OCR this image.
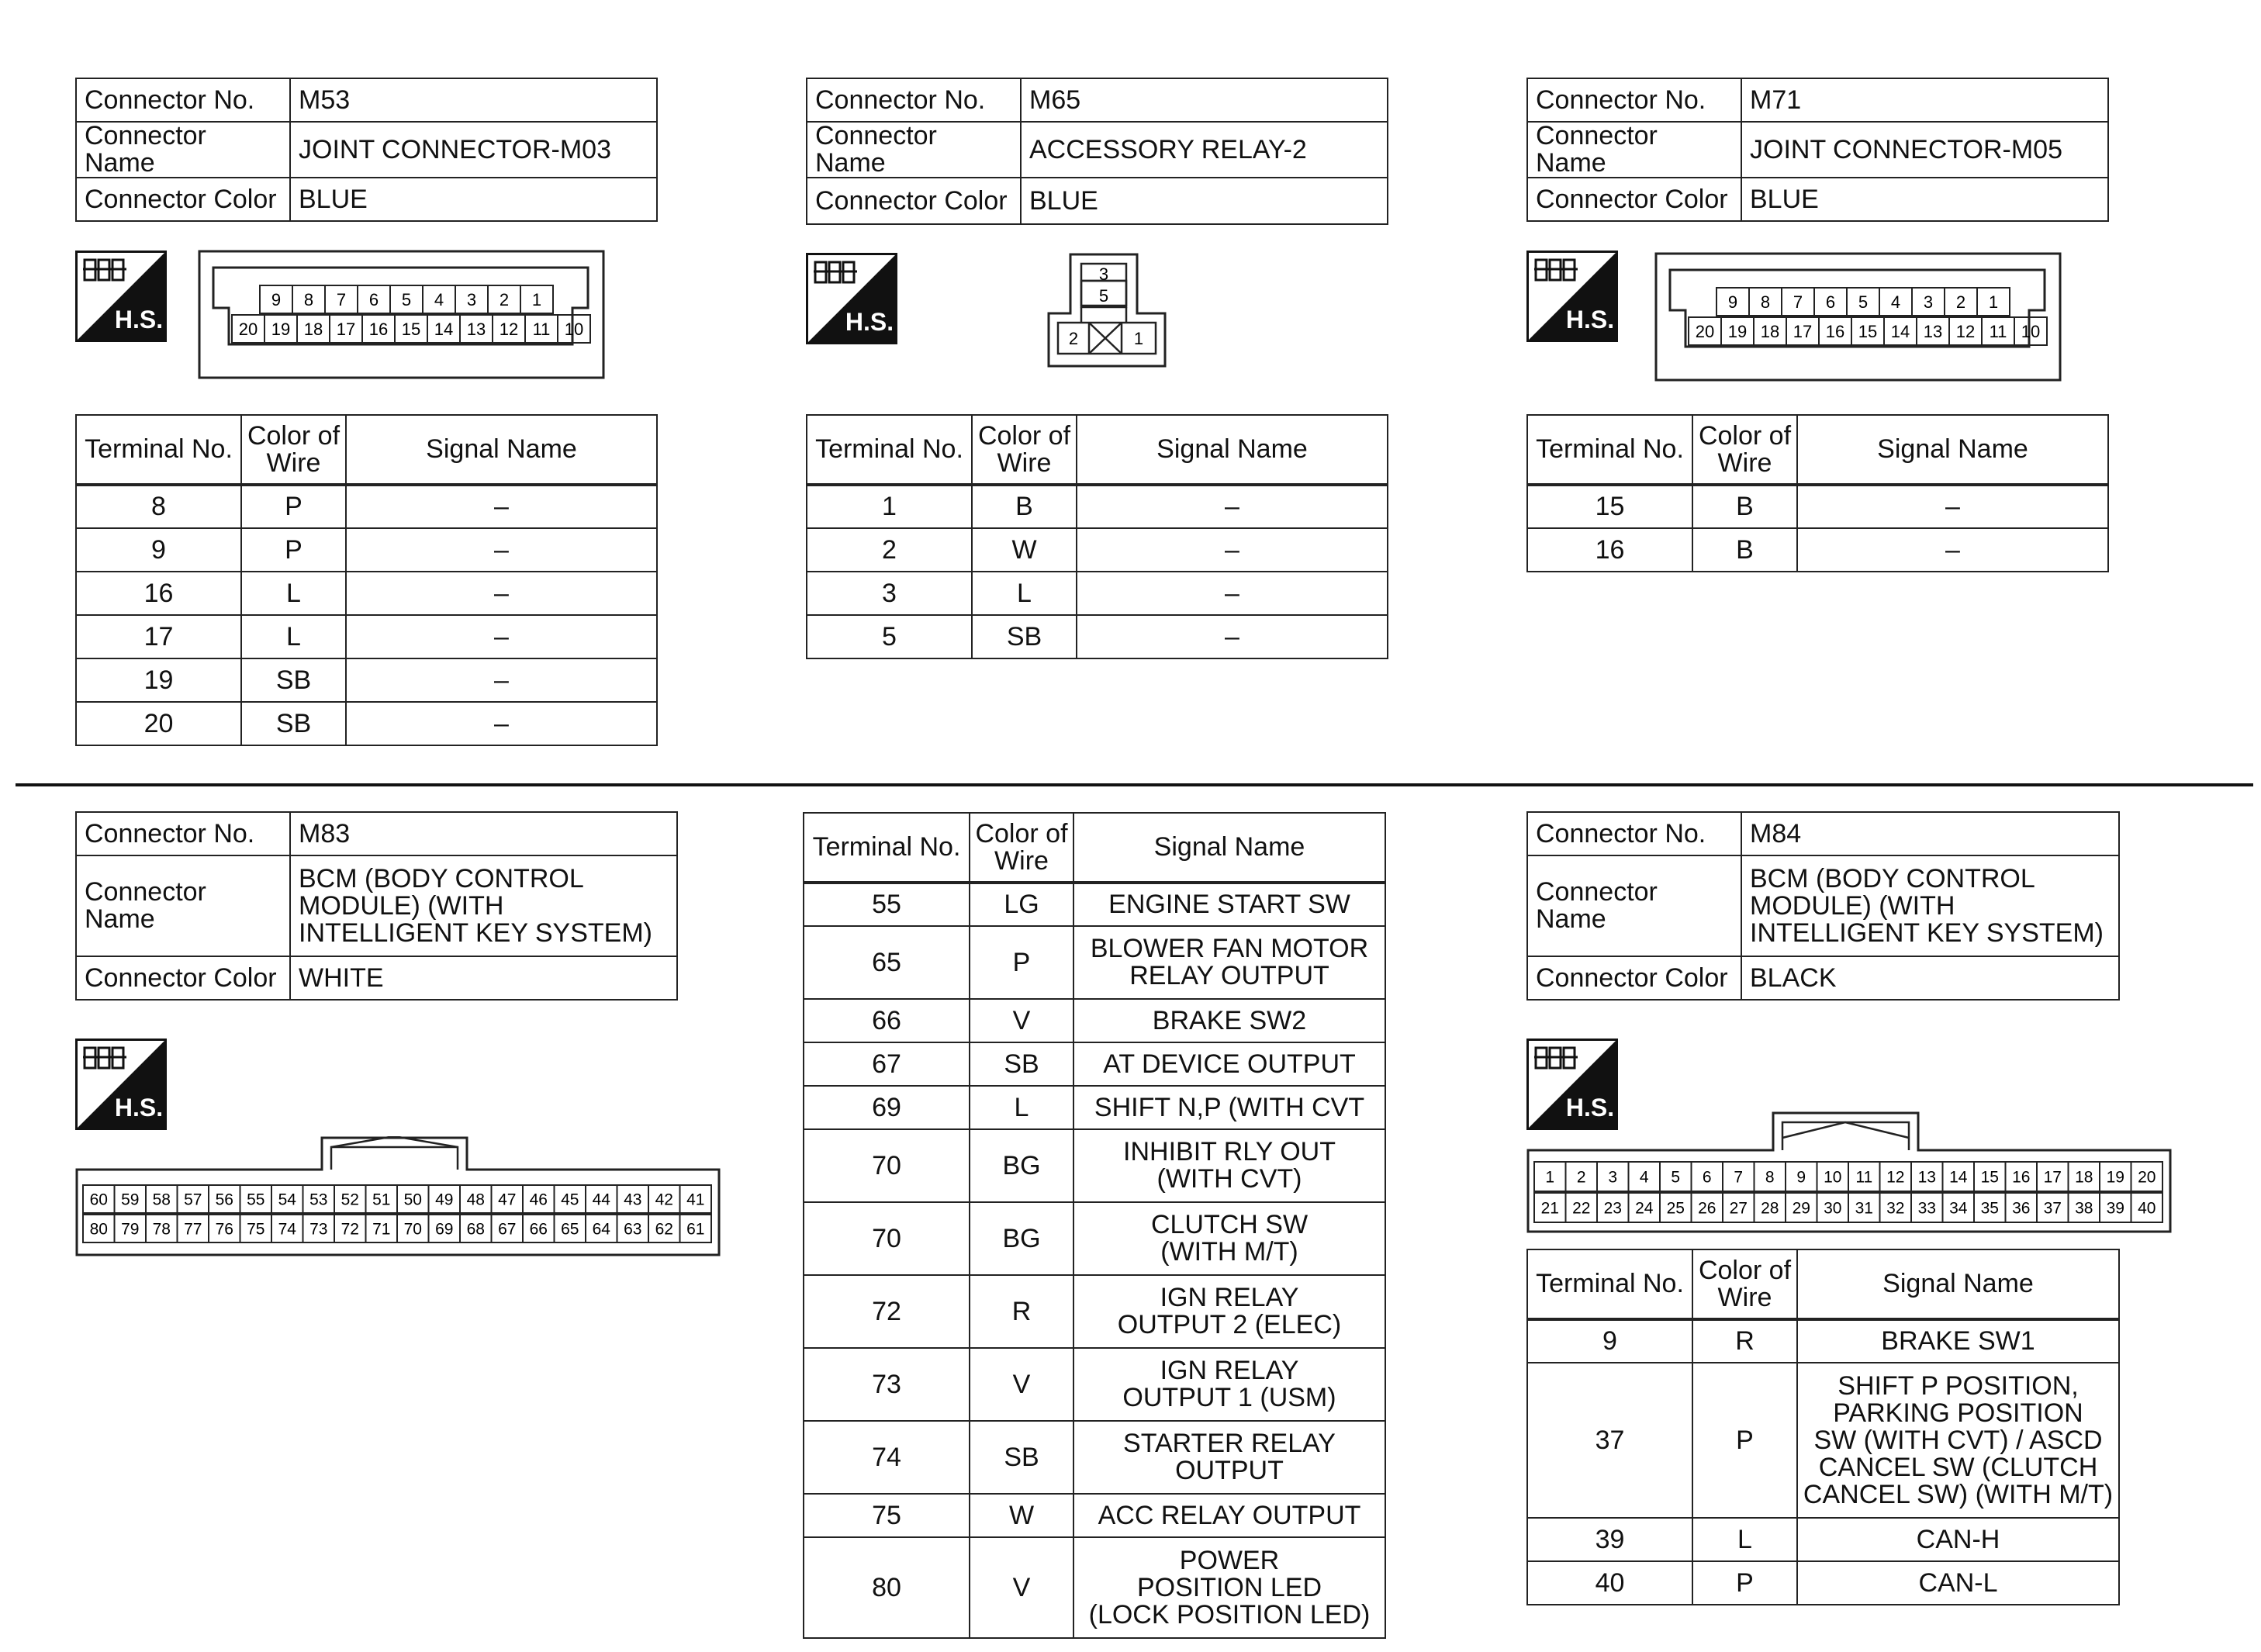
Connector No.	M53
Connector Name	JOINT CONNECTOR-M03
Connector Color	BLUE
H.S.
9 8 7 6 5 4 3 2 1
20 19 18 17 16 15 14 13 12 11 10
Terminal No.	Color of
Wire	Signal Name
8	P	–
9	P	–
16	L	–
17	L	–
19	SB	–
20	SB	–
Connector No.	M65
Connector Name	ACCESSORY RELAY-2
Connector Color	BLUE
H.S.
3
5
2	1
Terminal No.	Color of
Wire	Signal Name
1	B	–
2	W	–
3	L	–
5	SB	–
Connector No.	M71
Connector Name	JOINT CONNECTOR-M05
Connector Color	BLUE
H.S.
9 8 7 6 5 4 3 2 1
20 19 18 17 16 15 14 13 12 11 10
Terminal No.	Color of
Wire	Signal Name
15	B	–
16	B	–
Connector No.	M83
Connector Name	BCM (BODY CONTROL
MODULE) (WITH
INTELLIGENT KEY SYSTEM)
Connector Color	WHITE
H.S.
60 59 58 57 56 55 54 53 52 51 50 49 48 47 46 45 44 43 42 41
80 79 78 77 76 75 74 73 72 71 70 69 68 67 66 65 64 63 62 61
Terminal No.	Color of
Wire	Signal Name
55	LG	ENGINE START SW
65	P	BLOWER FAN MOTOR
RELAY OUTPUT
66	V	BRAKE SW2
67	SB	AT DEVICE OUTPUT
69	L	SHIFT N,P (WITH CVT
70	BG	INHIBIT RLY OUT
(WITH CVT)
70	BG	CLUTCH SW
(WITH M/T)
72	R	IGN RELAY
OUTPUT 2 (ELEC)
73	V	IGN RELAY
OUTPUT 1 (USM)
74	SB	STARTER RELAY
OUTPUT
75	W	ACC RELAY OUTPUT
80	V	POWER
POSITION LED
(LOCK POSITION LED)
Connector No.	M84
Connector Name	BCM (BODY CONTROL
MODULE) (WITH
INTELLIGENT KEY SYSTEM)
Connector Color	BLACK
H.S.
1 2 3 4 5 6 7 8 9 10 11 12 13 14 15 16 17 18 19 20
21 22 23 24 25 26 27 28 29 30 31 32 33 34 35 36 37 38 39 40
Terminal No.	Color of
Wire	Signal Name
9	R	BRAKE SW1
37	P	SHIFT P POSITION,
PARKING POSITION
SW (WITH CVT) / ASCD
CANCEL SW (CLUTCH
CANCEL SW) (WITH M/T)
39	L	CAN-H
40	P	CAN-L
